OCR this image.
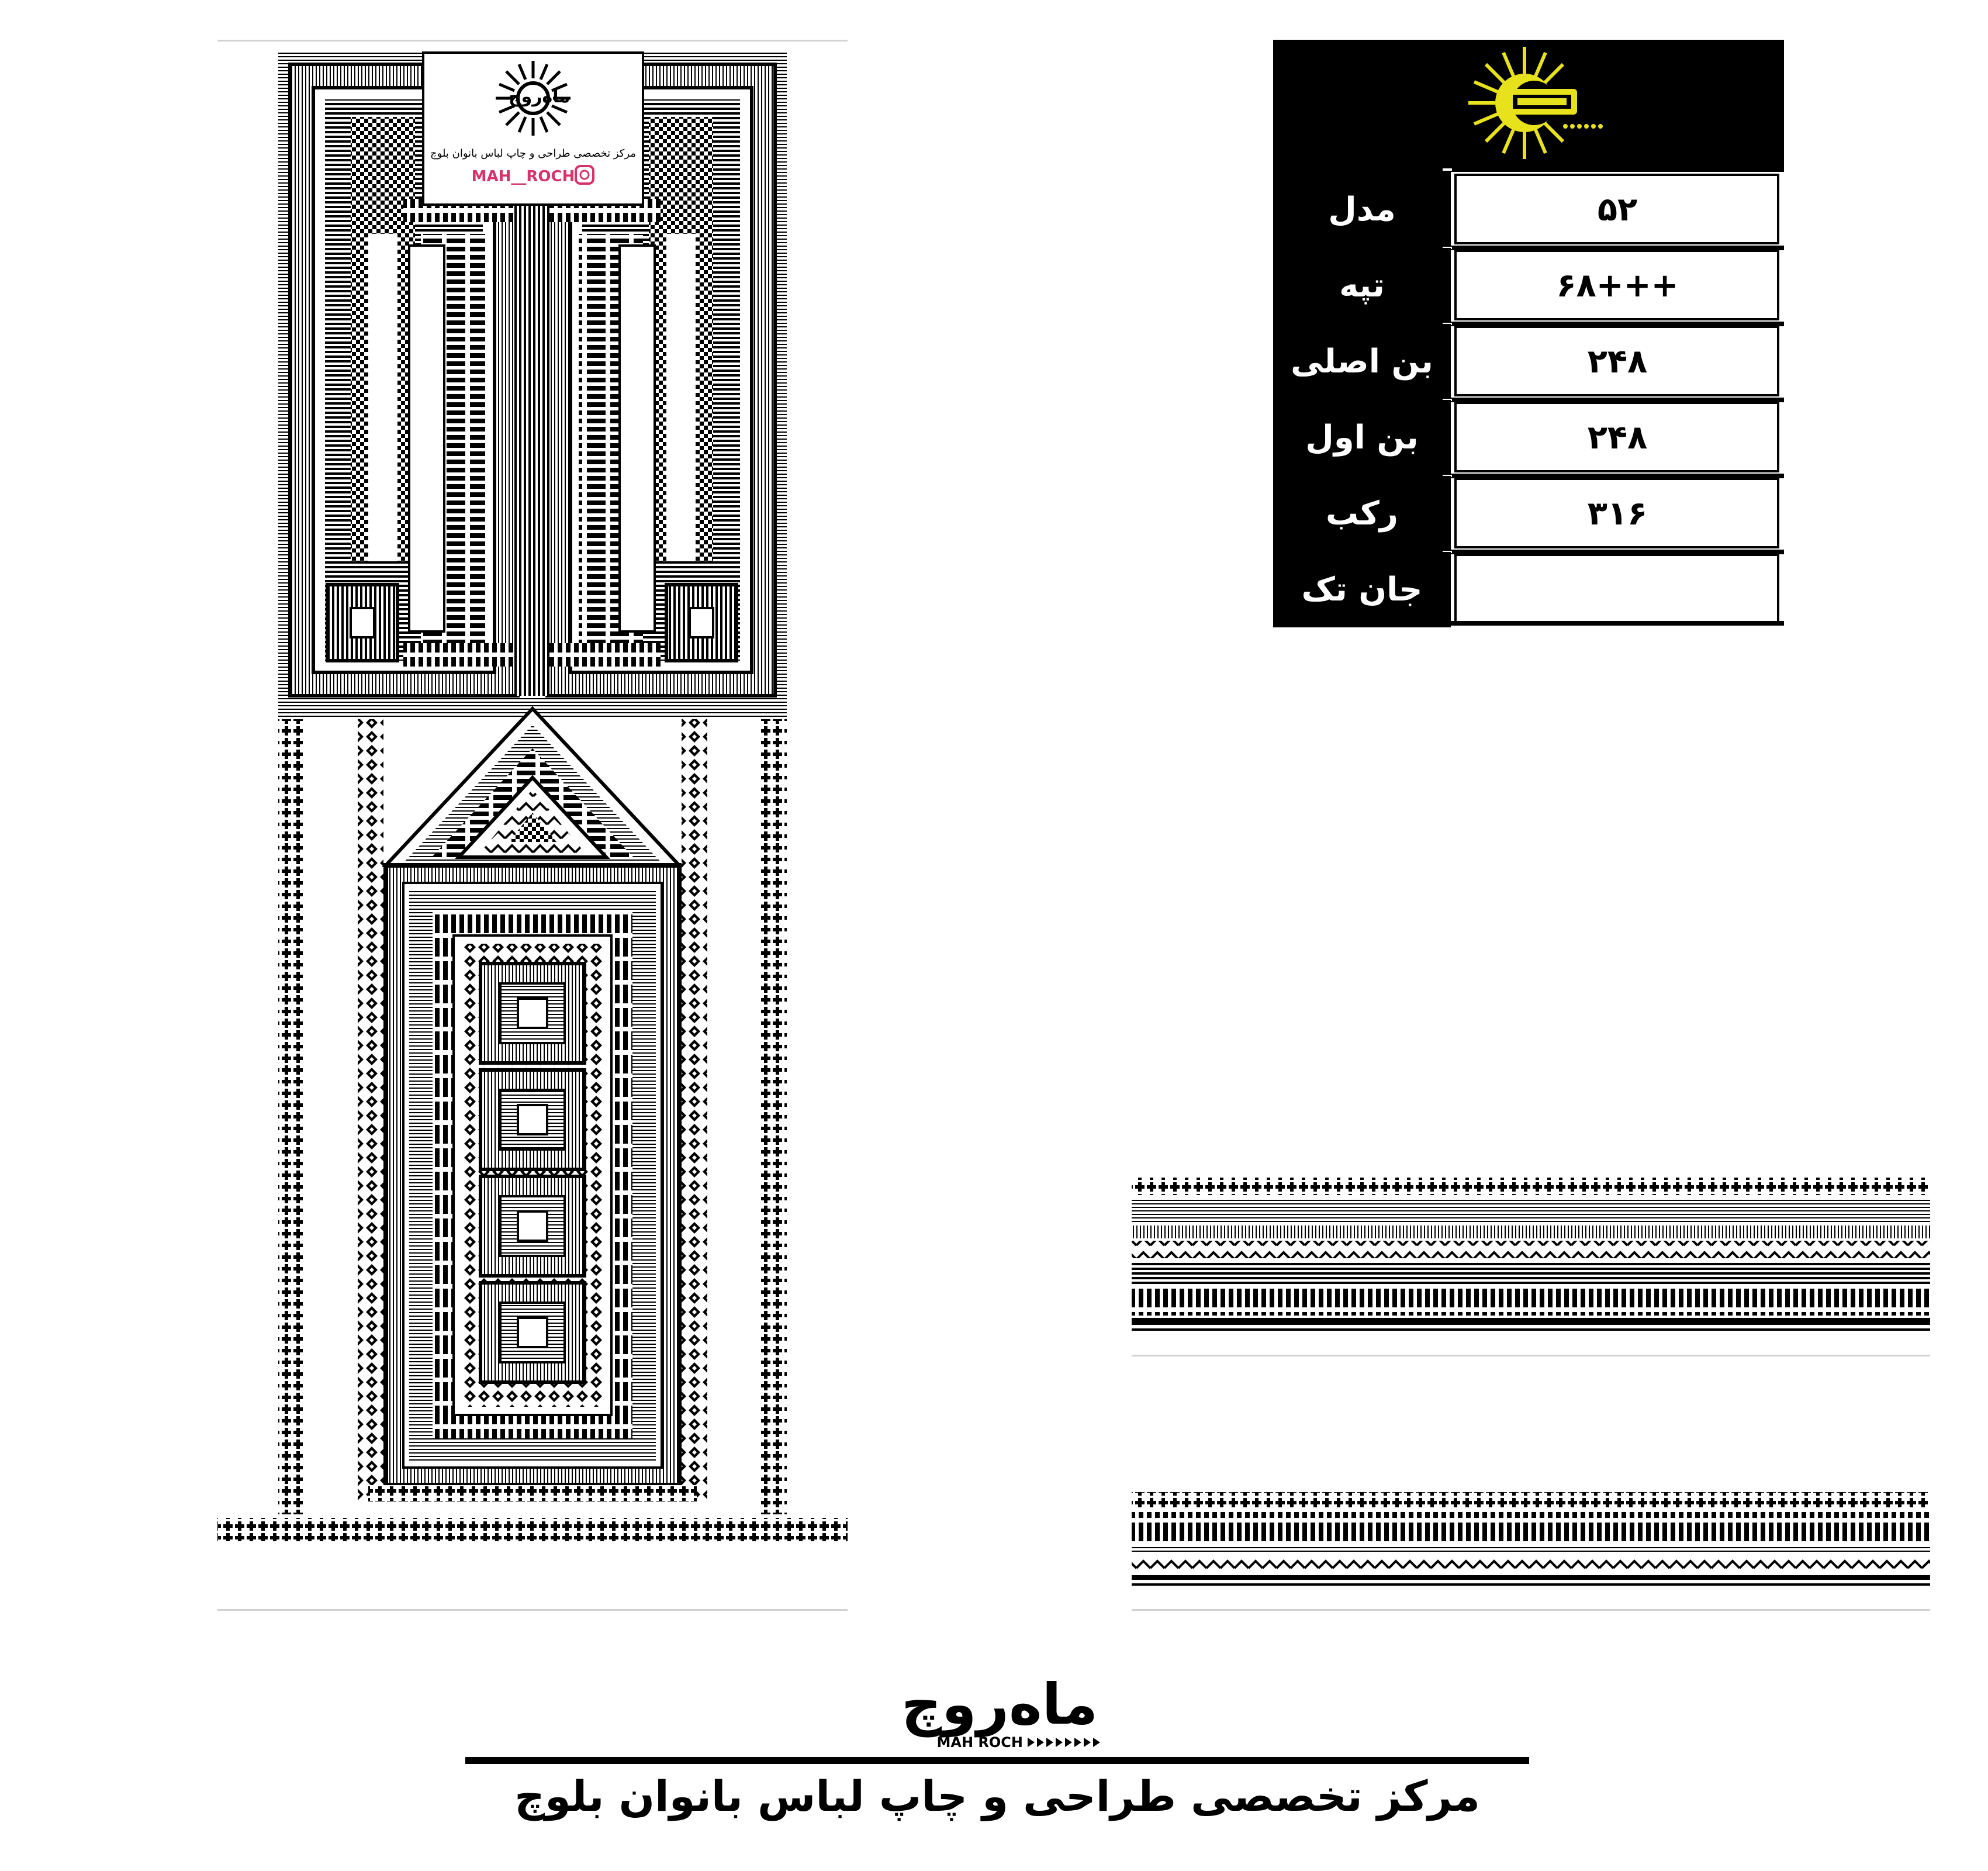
ماه‌روچ
مرکز تخصصی طراحی و چاپ لباس بانوان بلوچ
MAH__ROCH
مدل	۵۲
تپه	۶۸+++
بن اصلی	۲۴۸
بن اول	۲۴۸
رکب	۳۱۶
جان تک
ماه‌روچ
MAH ROCH
مرکز تخصصی طراحی و چاپ لباس بانوان بلوچ
